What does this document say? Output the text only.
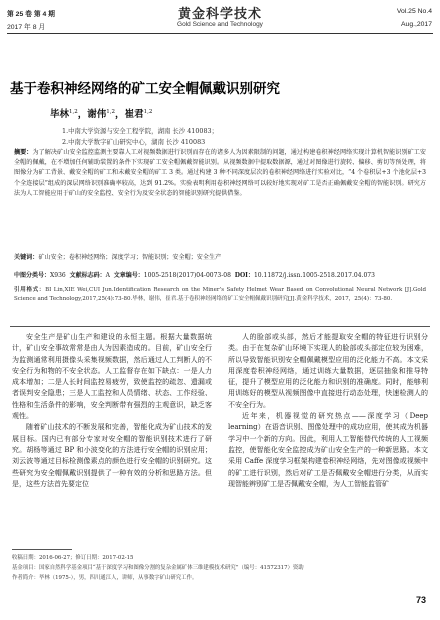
第 25 卷 第 4 期
2017 年 8 月
黄金科学技术
Gold Science and Technology
Vol.25 No.4
Aug.,2017
基于卷积神经网络的矿工安全帽佩戴识别研究
毕林$^{1,2}$，谢伟$^{1,2}$，崔君$^{1,2}$
1.中南大学资源与安全工程学院，湖南 长沙 410083；
2.中南大学数字矿山研究中心，湖南 长沙 410083
摘要：为了解决矿山安全监控监测主要靠人工对视频数据进行识别而存在的诸多人为因素限制的问题，通过构建卷积神经网络实现计算机智能识别矿工安全帽的佩戴，在不增加任何辅助装置的条件下实现矿工安全帽佩戴智能识别。从视频数据中提取数据源，通过对图像进行旋转、偏移、剪切等预处理，将图像分为矿工背景、戴安全帽的矿工和未戴安全帽的矿工 3 类。通过构建 3 种不同深度层次的卷积神经网络进行实验对比，“4 个卷积层+3 个池化层+3 个全连接层”组成的深层网络识别准确率较高，达到 91.2%。实验表明利用卷积神经网络可以较好地实现对矿工是否正确佩戴安全帽的智能识别。研究方法为人工智能应用于矿山的安全监控、安全行为及安全状态的智能识别研究提供借鉴。
关键词：矿山安全；卷积神经网络；深度学习；智能识别；安全帽；安全生产
中图分类号：X936 文献标志码：A 文章编号：1005-2518(2017)04-0073-08 DOI：10.11872/j.issn.1005-2518.2017.04.073
引用格式：BI Lin,XIE Wei,CUI Jun.Identification Research on the Miner’s Safety Helmet Wear Based on Convolutional Neural Network [J].Gold Science and Technology,2017,25(4):73-80.毕林，谢伟，崔君.基于卷积神经网络的矿工安全帽佩戴识别研究[J].黄金科学技术，2017，25(4)：73-80.

安全生产是矿山生产和建设的永恒主题。根据大量数据统计，矿山安全事故常常是由人为因素造成的。目前，矿山安全行为监测通常利用摄像头采集视频数据，然后通过人工判断人的不安全行为和物的不安全状态。人工监督存在如下缺点：一是人力成本增加；二是人长时间监控易疲劳，致使监控的疏忽、遗漏或者误判安全隐患；三是人工监控和人员情绪、状态、工作经验、性格和生活条件的影响，安全判断带有强烈的主观意识，缺乏客观性。

随着矿山技术的不断发展和完善，智能化成为矿山技术的发展目标。国内已有部分专家对安全帽的智能识别技术进行了研究。胡杨等通过 BP 和小波变化的方法进行安全帽的识别应用；刘云波等通过目标检测像素点的颜色进行安全帽的识别研究。这些研究为安全帽佩戴识别提供了一种有效的分析和思路方法。但是，这些方法首先要定位

人的脸部或头部，然后才能提取安全帽的特征进行识别分类。由于在复杂矿山环境下实现人的脸部或头部定位较为困难，所以导致智能识别安全帽佩戴模型应用的泛化能力不高。本文采用深度卷积神经网络，通过训练大量数据，逐层抽象和推导特征，提升了模型应用的泛化能力和识别的准确度。同时，能够利用训练好的模型从视频图像中直接进行动态处理，快速检测人的不安全行为。

近年来，机器视觉的研究热点——深度学习（Deep learning）在语音识别、图像处理中的成功应用，使其成为机器学习中一个新的方向。因此，利用人工智能替代传统的人工视频监控，使智能化安全监控成为矿山安全生产的一种新思路。本文采用 Caffe 深度学习框架构建卷积神经网络，先对图像或视频中的矿工进行识别，然后对矿工是否佩戴安全帽进行分类，从而实现智能辨别矿工是否佩戴安全帽，为人工智能监管矿

收稿日期：2016-06-27；修订日期：2017-02-15
基金项目：国家自然科学基金项目“基于深度学习和图像分割的复杂金属矿体三维建模技术研究”（编号：41572317）资助
作者简介：毕林（1975-），男，四川通江人，讲师，从事数字矿山研究工作。
73
